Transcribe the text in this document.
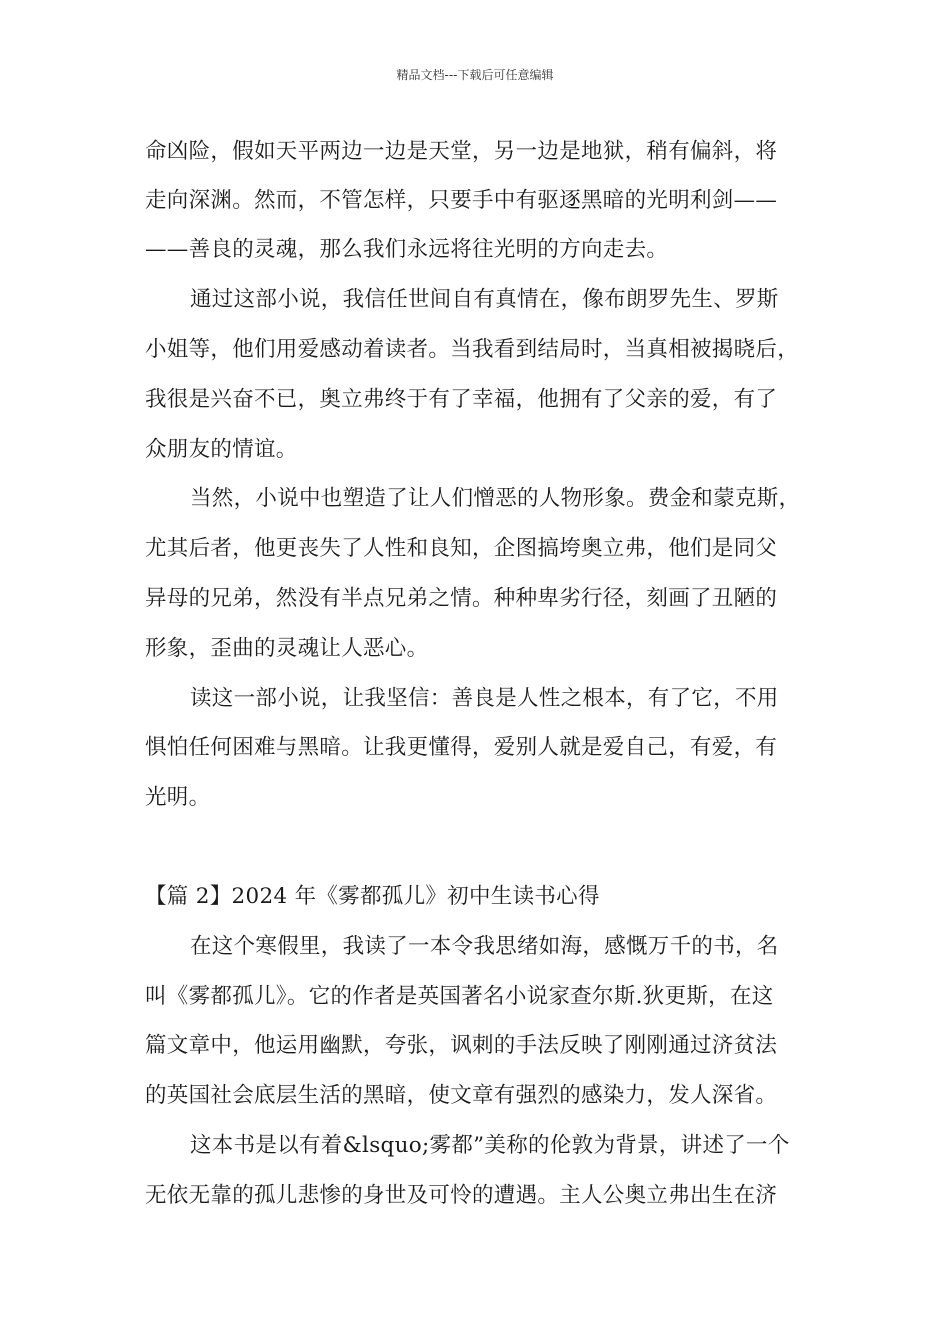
精品文档---下载后可任意编辑
命凶险，假如天平两边一边是天堂，另一边是地狱，稍有偏斜，将
走向深渊。然而，不管怎样，只要手中有驱逐黑暗的光明利剑——
——善良的灵魂，那么我们永远将往光明的方向走去。
通过这部小说，我信任世间自有真情在，像布朗罗先生、罗斯
小姐等，他们用爱感动着读者。当我看到结局时，当真相被揭晓后，
我很是兴奋不已，奥立弗终于有了幸福，他拥有了父亲的爱，有了
众朋友的情谊。
当然，小说中也塑造了让人们憎恶的人物形象。费金和蒙克斯，
尤其后者，他更丧失了人性和良知，企图搞垮奥立弗，他们是同父
异母的兄弟，然没有半点兄弟之情。种种卑劣行径，刻画了丑陋的
形象，歪曲的灵魂让人恶心。
读这一部小说，让我坚信：善良是人性之根本，有了它，不用
惧怕任何困难与黑暗。让我更懂得，爱别人就是爱自己，有爱，有
光明。
【篇 2】2024 年《雾都孤儿》初中生读书心得
在这个寒假里，我读了一本令我思绪如海，感慨万千的书，名
叫《雾都孤儿》。它的作者是英国著名小说家查尔斯.狄更斯，在这
篇文章中，他运用幽默，夸张，讽刺的手法反映了刚刚通过济贫法
的英国社会底层生活的黑暗，使文章有强烈的感染力，发人深省。
这本书是以有着&lsquo;雾都”美称的伦敦为背景，讲述了一个
无依无靠的孤儿悲惨的身世及可怜的遭遇。主人公奥立弗出生在济
